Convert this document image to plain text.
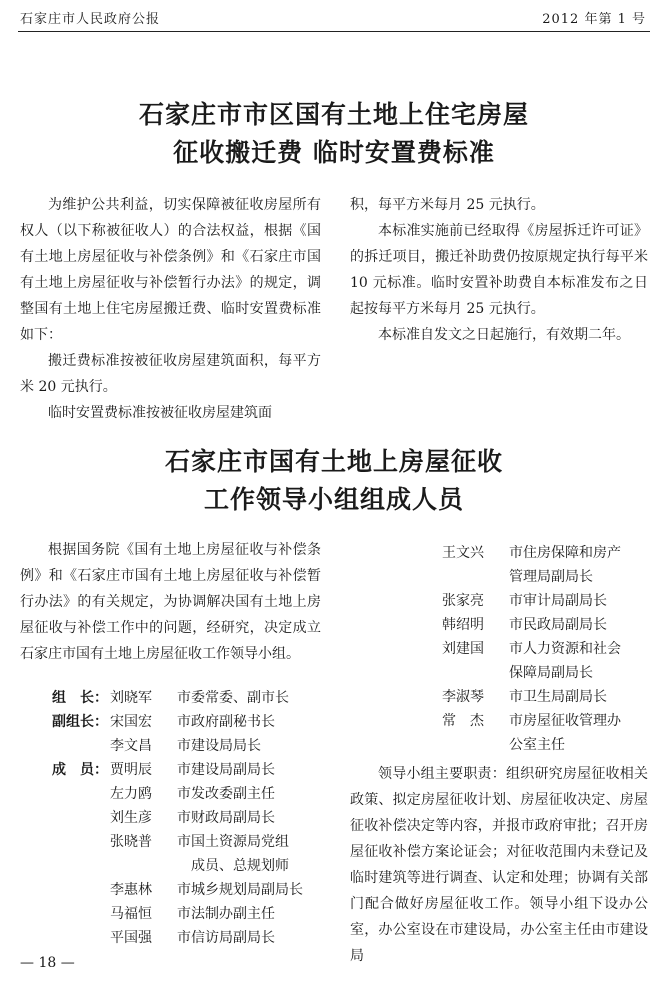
石家庄市人民政府公报	2012 年第 1 号
石家庄市市区国有土地上住宅房屋
征收搬迁费 临时安置费标准

为维护公共利益，切实保障被征收房屋所有权人（以下称被征收人）的合法权益，根据《国有土地上房屋征收与补偿条例》和《石家庄市国有土地上房屋征收与补偿暂行办法》的规定，调整国有土地上住宅房屋搬迁费、临时安置费标准如下：

搬迁费标准按被征收房屋建筑面积，每平方米 20 元执行。

临时安置费标准按被征收房屋建筑面

积，每平方米每月 25 元执行。

本标准实施前已经取得《房屋拆迁许可证》的拆迁项目，搬迁补助费仍按原规定执行每平米 10 元标准。临时安置补助费自本标准发布之日起按每平方米每月 25 元执行。

本标准自发文之日起施行，有效期二年。

石家庄市国有土地上房屋征收
工作领导小组组成人员

根据国务院《国有土地上房屋征收与补偿条例》和《石家庄市国有土地上房屋征收与补偿暂行办法》的有关规定，为协调解决国有土地上房屋征收与补偿工作中的问题，经研究，决定成立石家庄市国有土地上房屋征收工作领导小组。

组　长： 刘晓军 市委常委、副市长
副组长： 宋国宏 市政府副秘书长
李文昌 市建设局局长
成　员： 贾明辰 市建设局副局长
左力鸥 市发改委副主任
刘生彦 市财政局副局长
张晓普 市国土资源局党组
成员、总规划师
李惠林 市城乡规划局副局长
马福恒 市法制办副主任
平国强 市信访局副局长
王文兴 市住房保障和房产
管理局副局长
张家亮 市审计局副局长
韩绍明 市民政局副局长
刘建国 市人力资源和社会
保障局副局长
李淑琴 市卫生局副局长
常　杰 市房屋征收管理办
公室主任

领导小组主要职责：组织研究房屋征收相关政策、拟定房屋征收计划、房屋征收决定、房屋征收补偿决定等内容，并报市政府审批；召开房屋征收补偿方案论证会；对征收范围内未登记及临时建筑等进行调查、认定和处理；协调有关部门配合做好房屋征收工作。领导小组下设办公室，办公室设在市建设局，办公室主任由市建设局

— 18 —
